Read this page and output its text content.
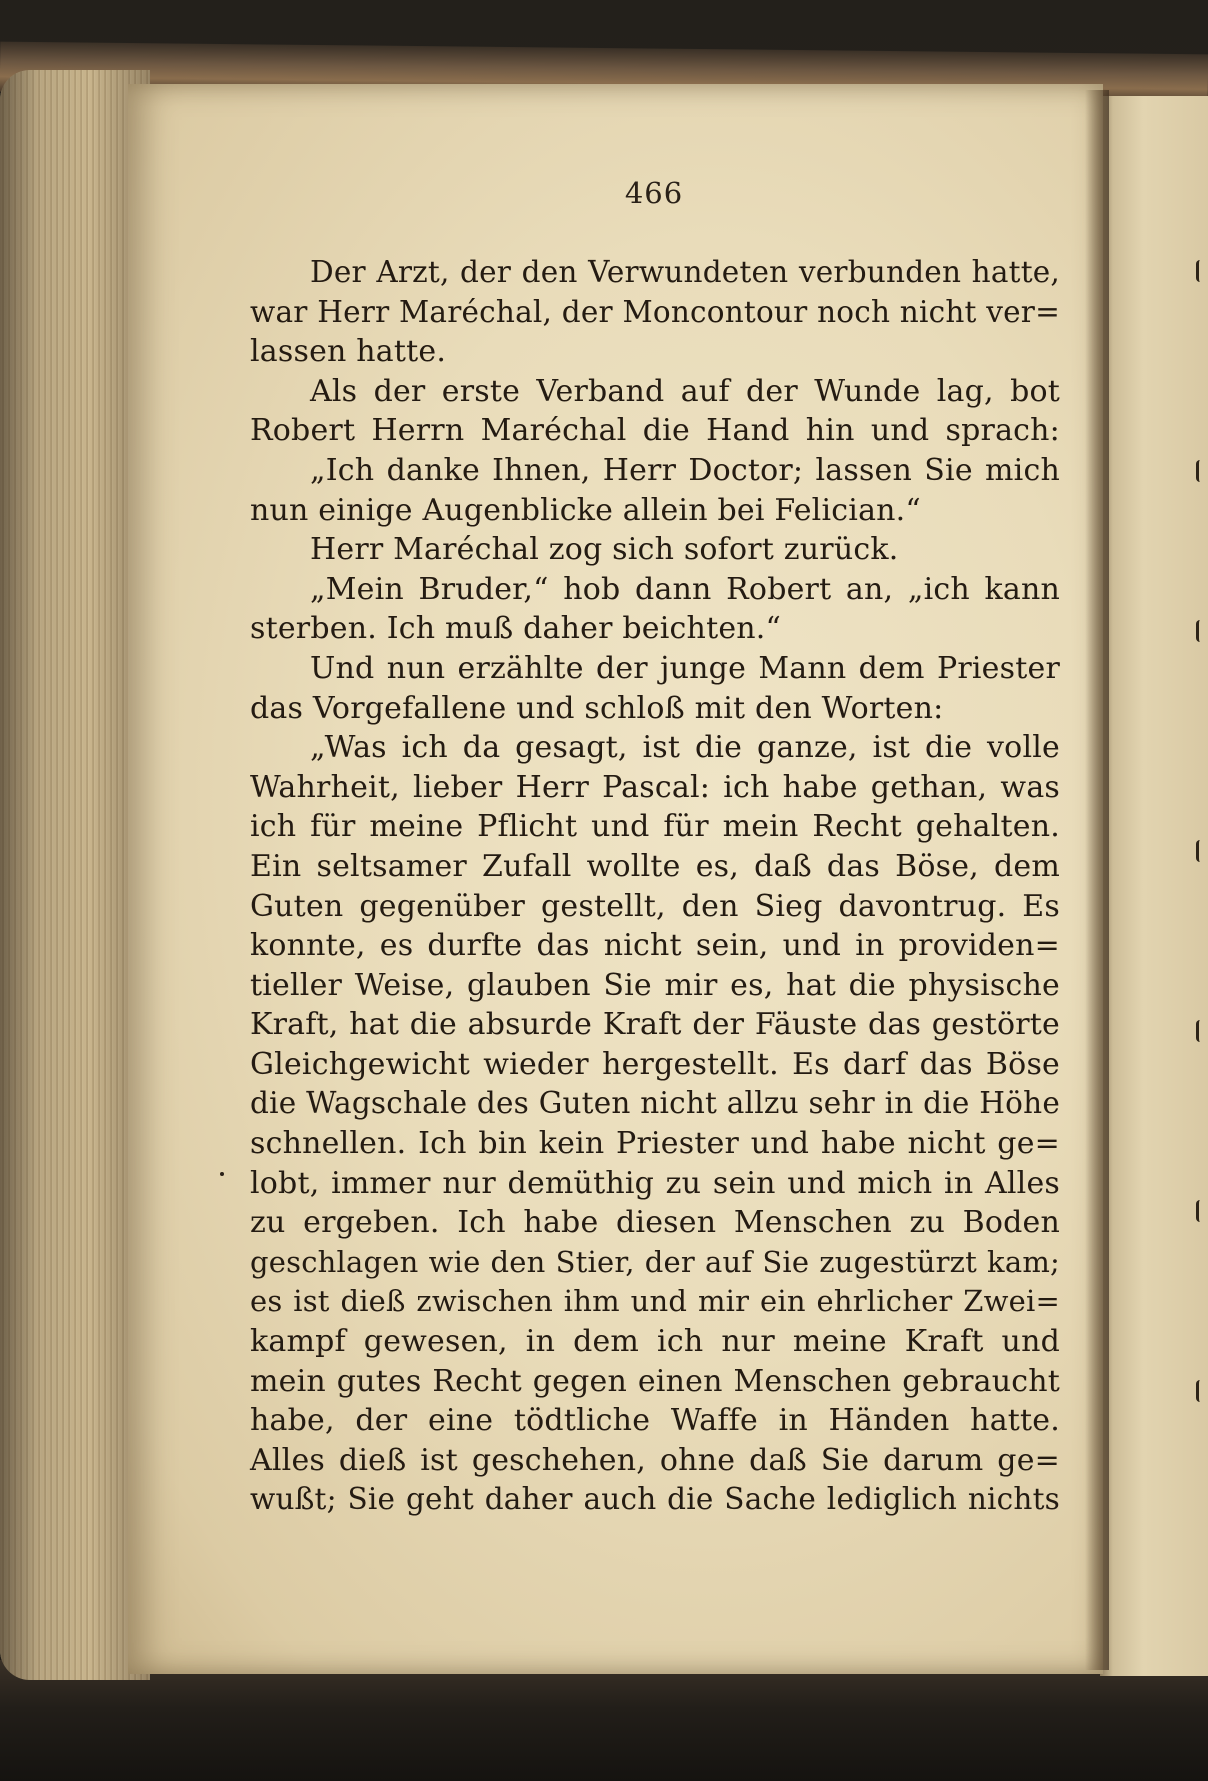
466
Der Arzt, der den Verwundeten verbunden hatte,
war Herr Maréchal, der Moncontour noch nicht ver=
lassen hatte.
Als der erste Verband auf der Wunde lag, bot
Robert Herrn Maréchal die Hand hin und sprach:
„Ich danke Ihnen, Herr Doctor; lassen Sie mich
nun einige Augenblicke allein bei Felician.“
Herr Maréchal zog sich sofort zurück.
„Mein Bruder,“ hob dann Robert an, „ich kann
sterben. Ich muß daher beichten.“
Und nun erzählte der junge Mann dem Priester
das Vorgefallene und schloß mit den Worten:
„Was ich da gesagt, ist die ganze, ist die volle
Wahrheit, lieber Herr Pascal: ich habe gethan, was
ich für meine Pflicht und für mein Recht gehalten.
Ein seltsamer Zufall wollte es, daß das Böse, dem
Guten gegenüber gestellt, den Sieg davontrug. Es
konnte, es durfte das nicht sein, und in providen=
tieller Weise, glauben Sie mir es, hat die physische
Kraft, hat die absurde Kraft der Fäuste das gestörte
Gleichgewicht wieder hergestellt. Es darf das Böse
die Wagschale des Guten nicht allzu sehr in die Höhe
schnellen. Ich bin kein Priester und habe nicht ge=
lobt, immer nur demüthig zu sein und mich in Alles
zu ergeben. Ich habe diesen Menschen zu Boden
geschlagen wie den Stier, der auf Sie zugestürzt kam;
es ist dieß zwischen ihm und mir ein ehrlicher Zwei=
kampf gewesen, in dem ich nur meine Kraft und
mein gutes Recht gegen einen Menschen gebraucht
habe, der eine tödtliche Waffe in Händen hatte.
Alles dieß ist geschehen, ohne daß Sie darum ge=
wußt; Sie geht daher auch die Sache lediglich nichts
